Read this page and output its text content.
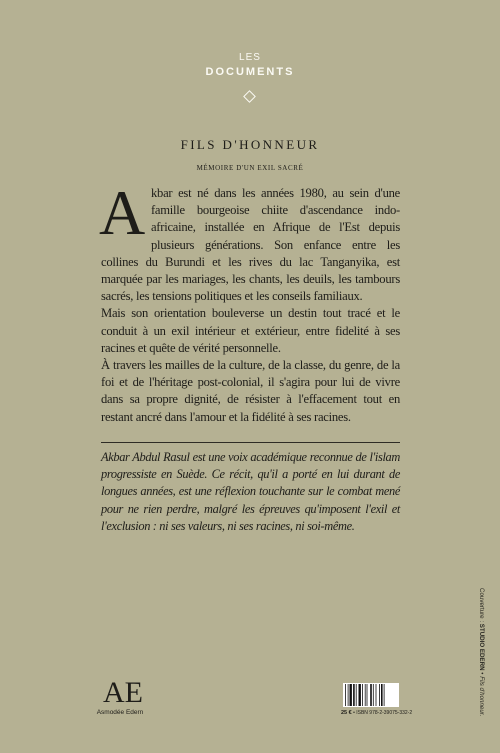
LES
DOCUMENTS
FILS D'HONNEUR
MÉMOIRE D'UN EXIL SACRÉ

Akbar est né dans les années 1980, au sein d'une famille bourgeoise chiite d'ascendance indo-africaine, installée en Afrique de l'Est depuis plusieurs générations. Son enfance entre les collines du Burundi et les rives du lac Tanganyika, est marquée par les mariages, les chants, les deuils, les tambours sacrés, les tensions politiques et les conseils familiaux.

Mais son orientation bouleverse un destin tout tracé et le conduit à un exil intérieur et extérieur, entre fidelité à ses racines et quête de vérité personnelle.

À travers les mailles de la culture, de la classe, du genre, de la foi et de l'héritage post-colonial, il s'agira pour lui de vivre dans sa propre dignité, de résister à l'effacement tout en restant ancré dans l'amour et la fidélité à ses racines.

Akbar Abdul Rasul est une voix académique reconnue de l'islam progressiste en Suède. Ce récit, qu'il a porté en lui durant de longues années, est une réflexion touchante sur le combat mené pour ne rien perdre, malgré les épreuves qu'imposent l'exil et l'exclusion : ni ses valeurs, ni ses racines, ni soi-même.

AE
Asmodée Edern	25 € • ISBN 978-2-39075-332-2
Couverture : STUDIO EDERN • Fils d'honneur.
